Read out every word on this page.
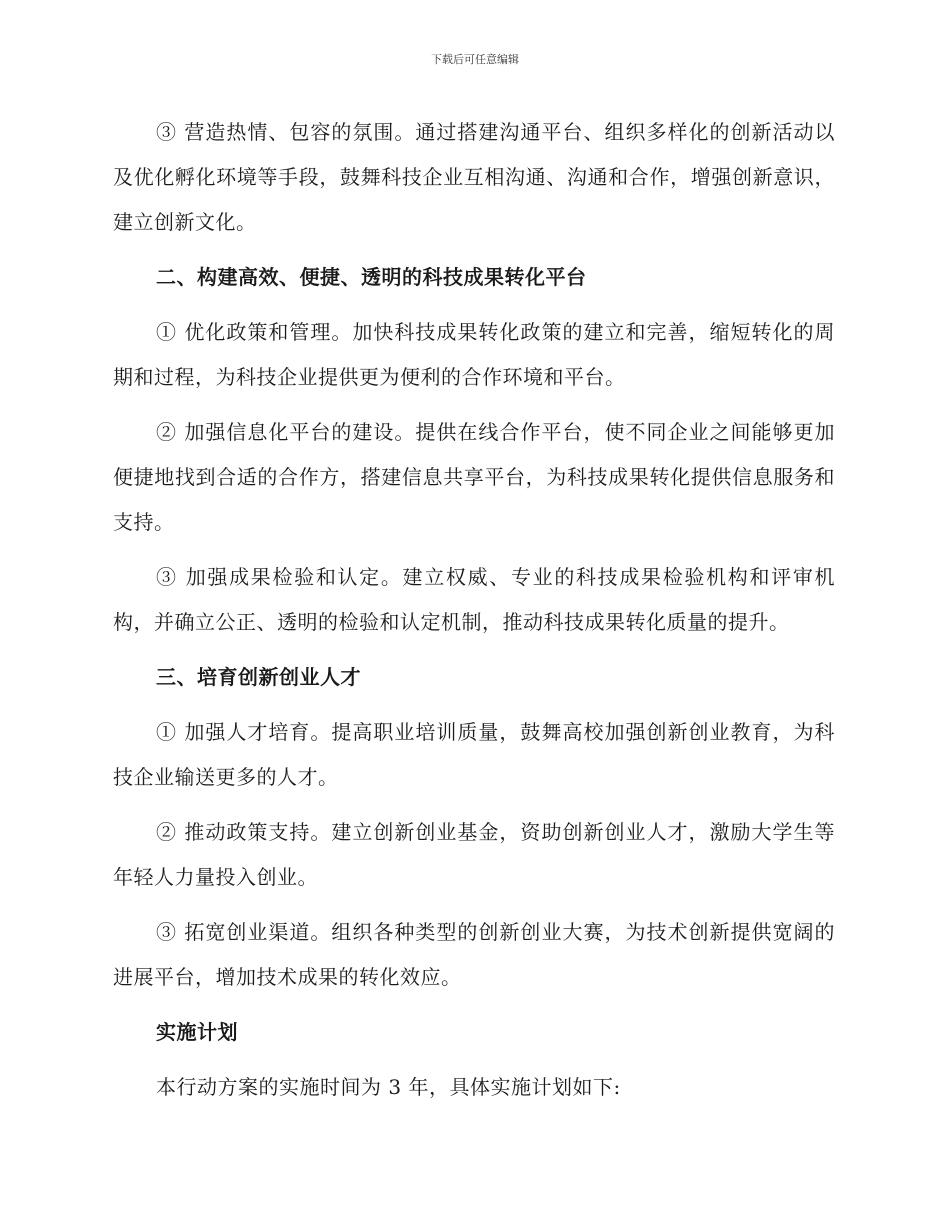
下载后可任意编辑

③ 营造热情、包容的氛围。通过搭建沟通平台、组织多样化的创新活动以及优化孵化环境等手段，鼓舞科技企业互相沟通、沟通和合作，增强创新意识，建立创新文化。

二、构建高效、便捷、透明的科技成果转化平台

① 优化政策和管理。加快科技成果转化政策的建立和完善，缩短转化的周期和过程，为科技企业提供更为便利的合作环境和平台。

② 加强信息化平台的建设。提供在线合作平台，使不同企业之间能够更加便捷地找到合适的合作方，搭建信息共享平台，为科技成果转化提供信息服务和支持。

③ 加强成果检验和认定。建立权威、专业的科技成果检验机构和评审机构，并确立公正、透明的检验和认定机制，推动科技成果转化质量的提升。

三、培育创新创业人才

① 加强人才培育。提高职业培训质量，鼓舞高校加强创新创业教育，为科技企业输送更多的人才。

② 推动政策支持。建立创新创业基金，资助创新创业人才，激励大学生等年轻人力量投入创业。

③ 拓宽创业渠道。组织各种类型的创新创业大赛，为技术创新提供宽阔的进展平台，增加技术成果的转化效应。

实施计划

本行动方案的实施时间为 3 年，具体实施计划如下:
